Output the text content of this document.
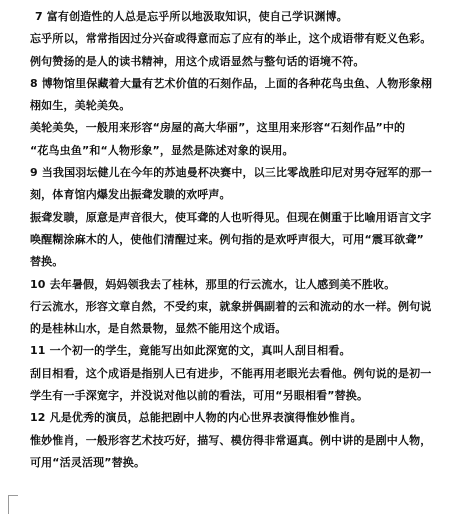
7 富有创造性的人总是忘乎所以地汲取知识，使自己学识渊博。
忘乎所以，常常指因过分兴奋或得意而忘了应有的举止，这个成语带有贬义色彩。
例句赞扬的是人的读书精神，用这个成语显然与整句话的语境不符。
8 博物馆里保藏着大量有艺术价值的石刻作品，上面的各种花鸟虫鱼、人物形象栩
栩如生，美轮美奂。
美轮美奂，一般用来形容“房屋的高大华丽”，这里用来形容“石刻作品”中的
“花鸟虫鱼”和“人物形象”，显然是陈述对象的误用。
9 当我国羽坛健儿在今年的苏迪曼杯决赛中，以三比零战胜印尼对男夺冠军的那一
刻，体育馆内爆发出振聋发聩的欢呼声。
振聋发聩，原意是声音很大，使耳聋的人也听得见。但现在侧重于比喻用语言文字
唤醒糊涂麻木的人，使他们清醒过来。例句指的是欢呼声很大，可用“震耳欲聋”
替换。
10 去年暑假，妈妈领我去了桂林，那里的行云流水，让人感到美不胜收。
行云流水，形容文章自然，不受约束，就象拼偶副着的云和流动的水一样。例句说
的是桂林山水，是自然景物，显然不能用这个成语。
11 一个初一的学生，竟能写出如此深宽的文，真叫人刮目相看。
刮目相看，这个成语是指别人已有进步，不能再用老眼光去看他。例句说的是初一
学生有一手深宽字，并没说对他以前的看法，可用“另眼相看”替换。
12 凡是优秀的演员，总能把剧中人物的内心世界表演得惟妙惟肖。
惟妙惟肖，一般形容艺术技巧好，描写、模仿得非常逼真。例中讲的是剧中人物，
可用“活灵活现”替换。
